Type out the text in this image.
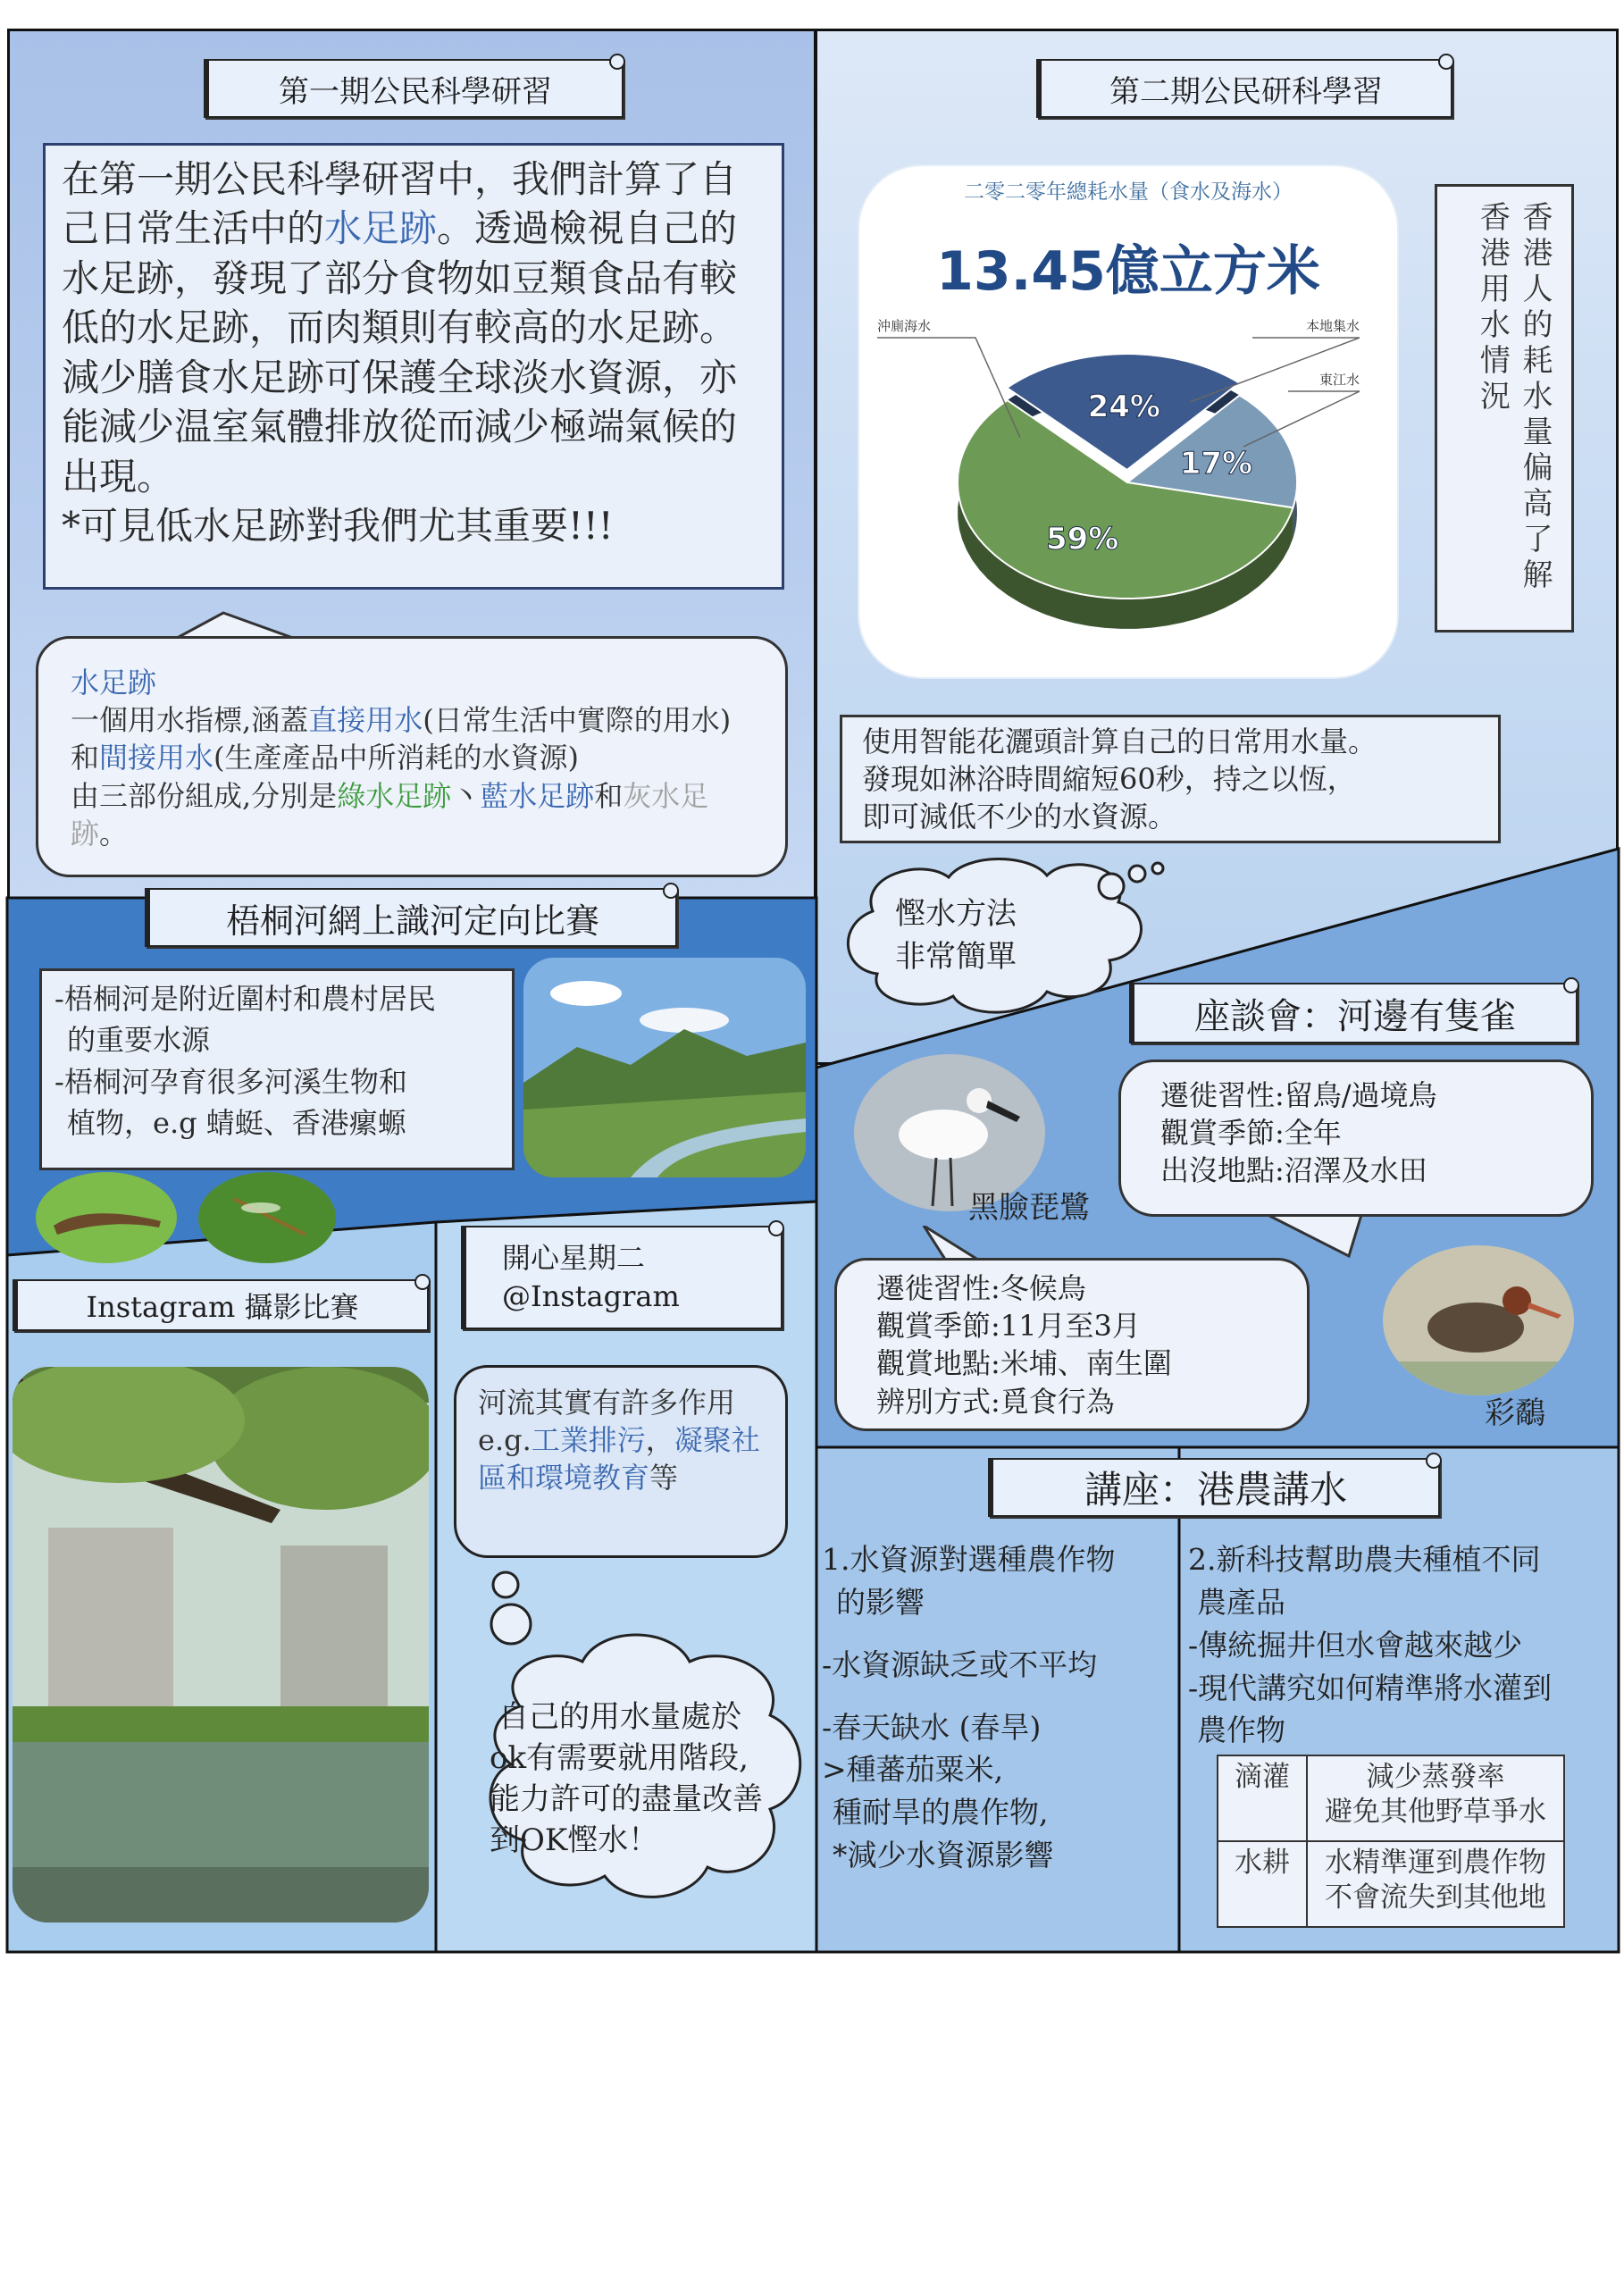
第一期公民科學研習
在第一期公民科學研習中，我們計算了自己日常生活中的水足跡。透過檢視自己的水足跡，發現了部分食物如豆類食品有較低的水足跡，而肉類則有較高的水足跡。
減少膳食水足跡可保護全球淡水資源，亦能減少温室氣體排放從而減少極端氣候的出現。
*可見低水足跡對我們尤其重要!!!
水足跡
一個用水指標,涵蓋直接用水(日常生活中實際的用水)和間接用水(生產產品中所消耗的水資源)
由三部份組成,分別是綠水足跡丶藍水足跡和灰水足跡。
第二期公民研科學習
二零二零年總耗水量（食水及海水）
13.45億立方米
24%
17%
59%
沖廁海水	本地集水
東江水	香港人的耗水量偏高了解香港用水情況
使用智能花灑頭計算自己的日常用水量。
發現如淋浴時間縮短60秒，持之以恆，
即可減低不少的水資源。
慳水方法
非常簡單
梧桐河網上識河定向比賽
-梧桐河是附近圍村和農村居民
的重要水源
-梧桐河孕育很多河溪生物和
植物，e.g 蜻蜓、香港瘰螈
Instagram 攝影比賽
開心星期二
@Instagram
河流其實有許多作用e.g.工業排污，凝聚社區和環境教育等
自己的用水量處於
ok有需要就用階段,
能力許可的盡量改善
到OK慳水！
座談會：河邊有隻雀
黑臉琵鷺
遷徙習性:留鳥/過境鳥
觀賞季節:全年
出沒地點:沼澤及水田
遷徙習性:冬候鳥
觀賞季節:11月至3月
觀賞地點:米埔、南生圍
辨別方式:覓食行為	彩鷸
講座：港農講水
1.水資源對選種農作物
的影響
-水資源缺乏或不平均
-春天缺水 (春旱)
>種蕃茄粟米,
種耐旱的農作物,
*減少水資源影響
2.新科技幫助農夫種植不同
農產品
-傳統掘井但水會越來越少
-現代講究如何精準將水灌到
農作物
滴灌	減少蒸發率
避免其他野草爭水

水耕	水精準運到農作物
不會流失到其他地
